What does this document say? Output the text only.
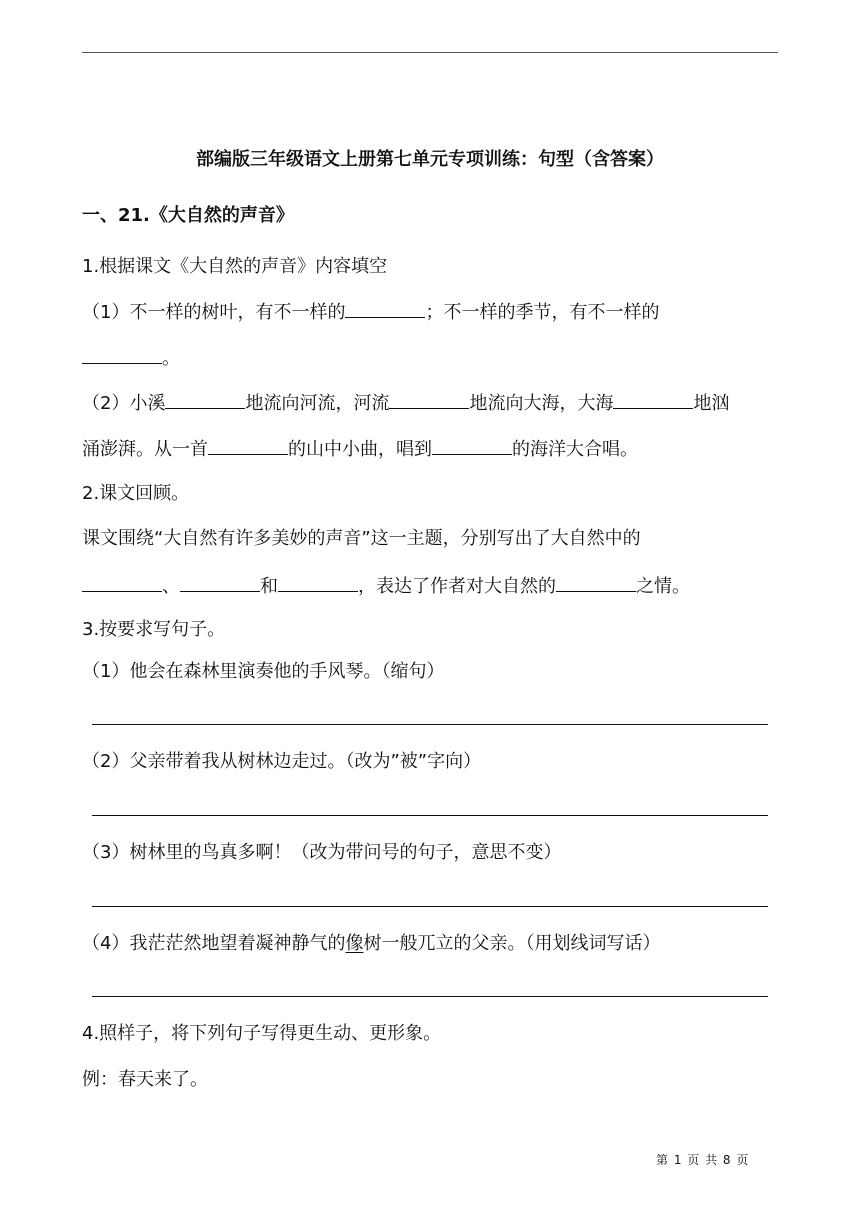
部编版三年级语文上册第七单元专项训练：句型（含答案）
一、21.《大自然的声音》
1.根据课文《大自然的声音》内容填空
（1）不一样的树叶，有不一样的	；不一样的季节，有不一样的
。
（2）小溪	地流向河流，河流	地流向大海，大海	地汹
涌澎湃。从一首	的山中小曲，唱到	的海洋大合唱。
2.课文回顾。
课文围绕“大自然有许多美妙的声音”这一主题，分别写出了大自然中的
、	和	，表达了作者对大自然的	之情。
3.按要求写句子。
（1）他会在森林里演奏他的手风琴。（缩句）
（2）父亲带着我从树林边走过。（改为”被”字向）
（3）树林里的鸟真多啊！（改为带问号的句子，意思不变）
（4）我茫茫然地望着凝神静气的像树一般兀立的父亲。（用划线词写话）
4.照样子，将下列句子写得更生动、更形象。
例：春天来了。
第 1 页 共 8 页
